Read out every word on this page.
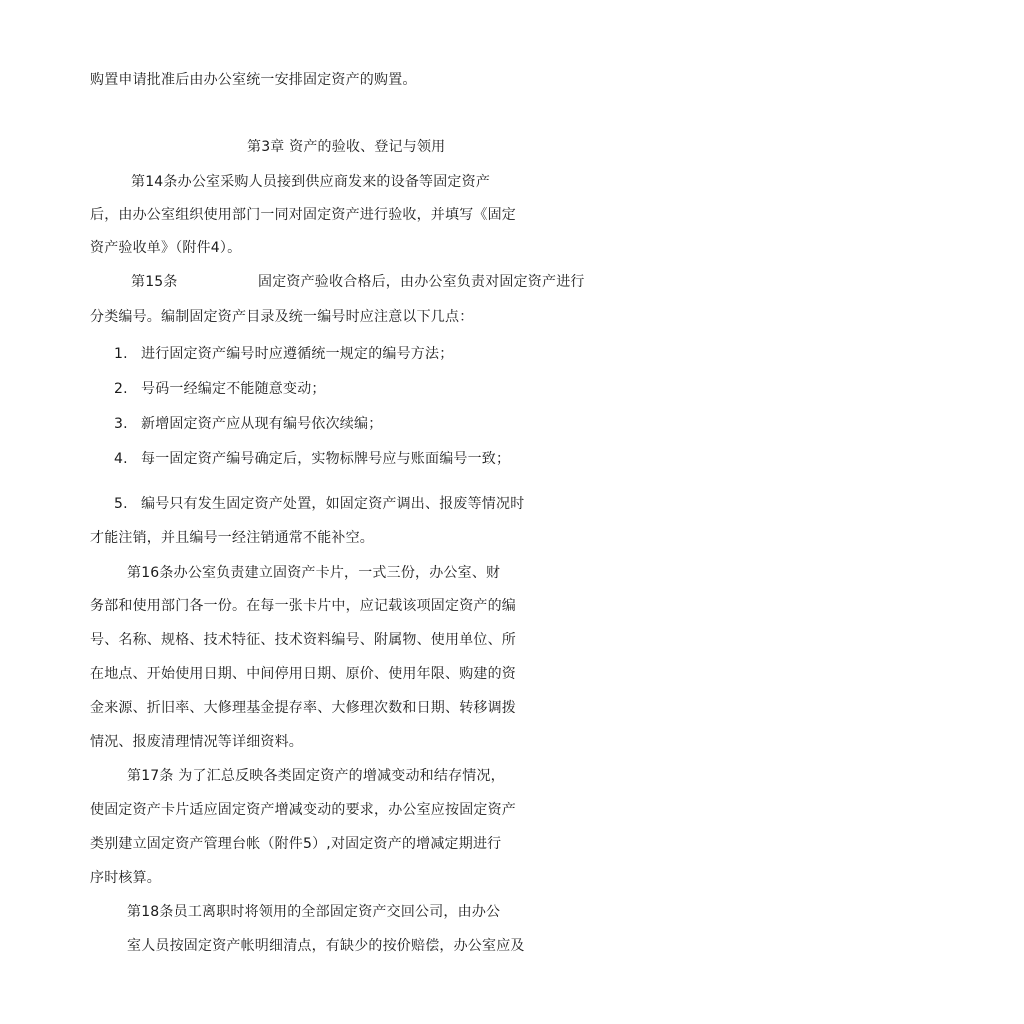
购置申请批准后由办公室统一安排固定资产的购置。
第3章 资产的验收、登记与领用
第14条办公室采购人员接到供应商发来的设备等固定资产
后，由办公室组织使用部门一同对固定资产进行验收，并填写《固定
资产验收单》（附件4）。
第15条	固定资产验收合格后，由办公室负责对固定资产进行
分类编号。编制固定资产目录及统一编号时应注意以下几点：
1. 进行固定资产编号时应遵循统一规定的编号方法；
2. 号码一经编定不能随意变动；
3. 新增固定资产应从现有编号依次续编；
4. 每一固定资产编号确定后，实物标牌号应与账面编号一致；
5. 编号只有发生固定资产处置，如固定资产调出、报废等情况时
才能注销，并且编号一经注销通常不能补空。
第16条办公室负责建立固资产卡片，一式三份，办公室、财
务部和使用部门各一份。在每一张卡片中，应记载该项固定资产的编
号、名称、规格、技术特征、技术资料编号、附属物、使用单位、所
在地点、开始使用日期、中间停用日期、原价、使用年限、购建的资
金来源、折旧率、大修理基金提存率、大修理次数和日期、转移调拨
情况、报废清理情况等详细资料。
第17条 为了汇总反映各类固定资产的增减变动和结存情况，
使固定资产卡片适应固定资产增减变动的要求，办公室应按固定资产
类别建立固定资产管理台帐（附件5）,对固定资产的增减定期进行
序时核算。
第18条员工离职时将领用的全部固定资产交回公司，由办公
室人员按固定资产帐明细清点，有缺少的按价赔偿，办公室应及
